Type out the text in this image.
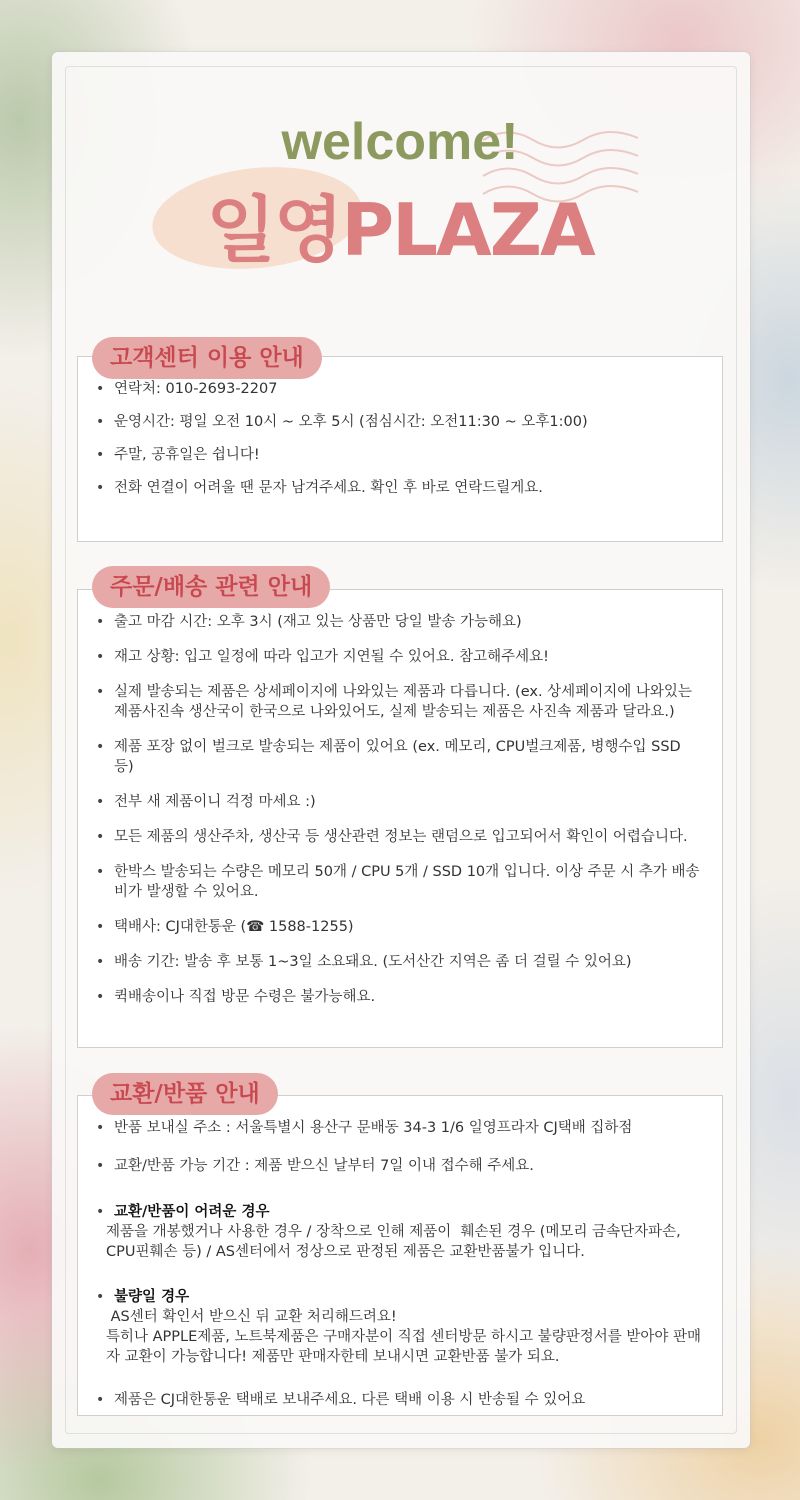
welcome!
일영PLAZA
• 연락처: 010-2693-2207
• 운영시간: 평일 오전 10시 ~ 오후 5시 (점심시간: 오전11:30 ~ 오후1:00)
• 주말, 공휴일은 쉽니다!
• 전화 연결이 어려울 땐 문자 남겨주세요. 확인 후 바로 연락드릴게요.
고객센터 이용 안내
• 출고 마감 시간: 오후 3시 (재고 있는 상품만 당일 발송 가능해요)
• 재고 상황: 입고 일정에 따라 입고가 지연될 수 있어요. 참고해주세요!
• 실제 발송되는 제품은 상세페이지에 나와있는 제품과 다릅니다. (ex. 상세페이지에 나와있는 제품사진속 생산국이 한국으로 나와있어도, 실제 발송되는 제품은 사진속 제품과 달라요.)
• 제품 포장 없이 벌크로 발송되는 제품이 있어요 (ex. 메모리, CPU벌크제품, 병행수입 SSD 등)
• 전부 새 제품이니 걱정 마세요 :)
• 모든 제품의 생산주차, 생산국 등 생산관련 정보는 랜덤으로 입고되어서 확인이 어렵습니다.
• 한박스 발송되는 수량은 메모리 50개 / CPU 5개 / SSD 10개 입니다. 이상 주문 시 추가 배송비가 발생할 수 있어요.
• 택배사: CJ대한통운 (☎ 1588-1255)
• 배송 기간: 발송 후 보통 1~3일 소요돼요. (도서산간 지역은 좀 더 걸릴 수 있어요)
• 퀵배송이나 직접 방문 수령은 불가능해요.
주문/배송 관련 안내
• 반품 보내실 주소 : 서울특별시 용산구 문배동 34-3 1/6 일영프라자 CJ택배 집하점
• 교환/반품 가능 기간 : 제품 받으신 날부터 7일 이내 접수해 주세요.
• 교환/반품이 어려운 경우
제품을 개봉했거나 사용한 경우 / 장착으로 인해 제품이  훼손된 경우 (메모리 금속단자파손, CPU핀훼손 등) / AS센터에서 정상으로 판정된 제품은 교환반품불가 입니다.
• 불량일 경우
AS센터 확인서 받으신 뒤 교환 처리해드려요!
특히나 APPLE제품, 노트북제품은 구매자분이 직접 센터방문 하시고 불량판정서를 받아야 판매자 교환이 가능합니다! 제품만 판매자한테 보내시면 교환반품 불가 되요.
• 제품은 CJ대한통운 택배로 보내주세요. 다른 택배 이용 시 반송될 수 있어요
교환/반품 안내
